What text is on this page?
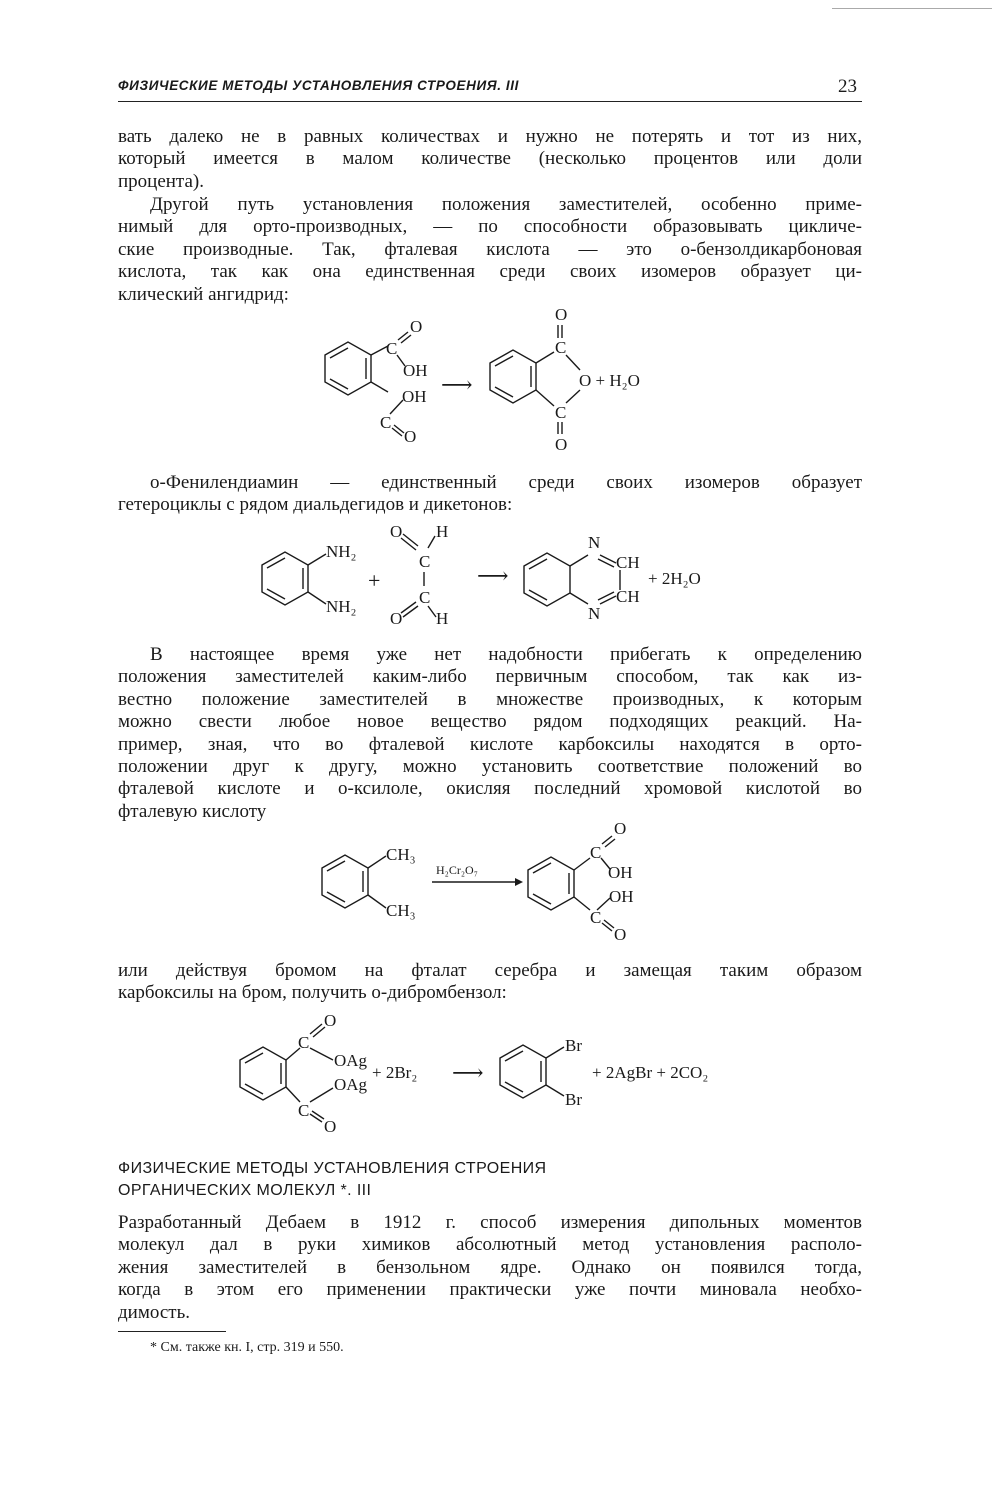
ФИЗИЧЕСКИЕ МЕТОДЫ УСТАНОВЛЕНИЯ СТРОЕНИЯ. III	23
вать далеко не в равных количествах и нужно не потерять и тот из них,
который имеется в малом количестве (несколько процентов или доли
процента).
Другой путь установления положения заместителей, особенно приме-
нимый для орто-производных, — по способности образовывать цикличе-
ские производные. Так, фталевая кислота — это о-бензолдикарбоновая
кислота, так как она единственная среди своих изомеров образует ци-
клический ангидрид:
C
O
OH
OH
C
O
⟶
O
C
O + H₂O
C
O
о-Фенилендиамин — единственный среди своих изомеров образует
гетероциклы с рядом диальдегидов и дикетонов:
NH₂
NH₂
+
O H
C
C
O H
⟶
N
N
CH
CH
+ 2H₂O
В настоящее время уже нет надобности прибегать к определению
положения заместителей каким-либо первичным способом, так как из-
вестно положение заместителей в множестве производных, к которым
можно свести любое новое вещество рядом подходящих реакций. На-
пример, зная, что во фталевой кислоте карбоксилы находятся в орто-
положении друг к другу, можно установить соответствие положений во
фталевой кислоте и о-ксилоле, окисляя последний хромовой кислотой во
фталевую кислоту
CH₃
CH₃
H₂Cr₂O₇
C
O
OH
OH
C
O
или действуя бромом на фталат серебра и замещая таким образом
карбоксилы на бром, получить о-дибромбензол:
C
O
OAg
OAg
C
O
+ 2Br₂ ⟶
Br
Br
+ 2AgBr + 2CO₂
ФИЗИЧЕСКИЕ МЕТОДЫ УСТАНОВЛЕНИЯ СТРОЕНИЯ
ОРГАНИЧЕСКИХ МОЛЕКУЛ *. III
Разработанный Дебаем в 1912 г. способ измерения дипольных моментов
молекул дал в руки химиков абсолютный метод установления располо-
жения заместителей в бензольном ядре. Однако он появился тогда,
когда в этом его применении практически уже почти миновала необхо-
димость.
* См. также кн. I, стр. 319 и 550.
